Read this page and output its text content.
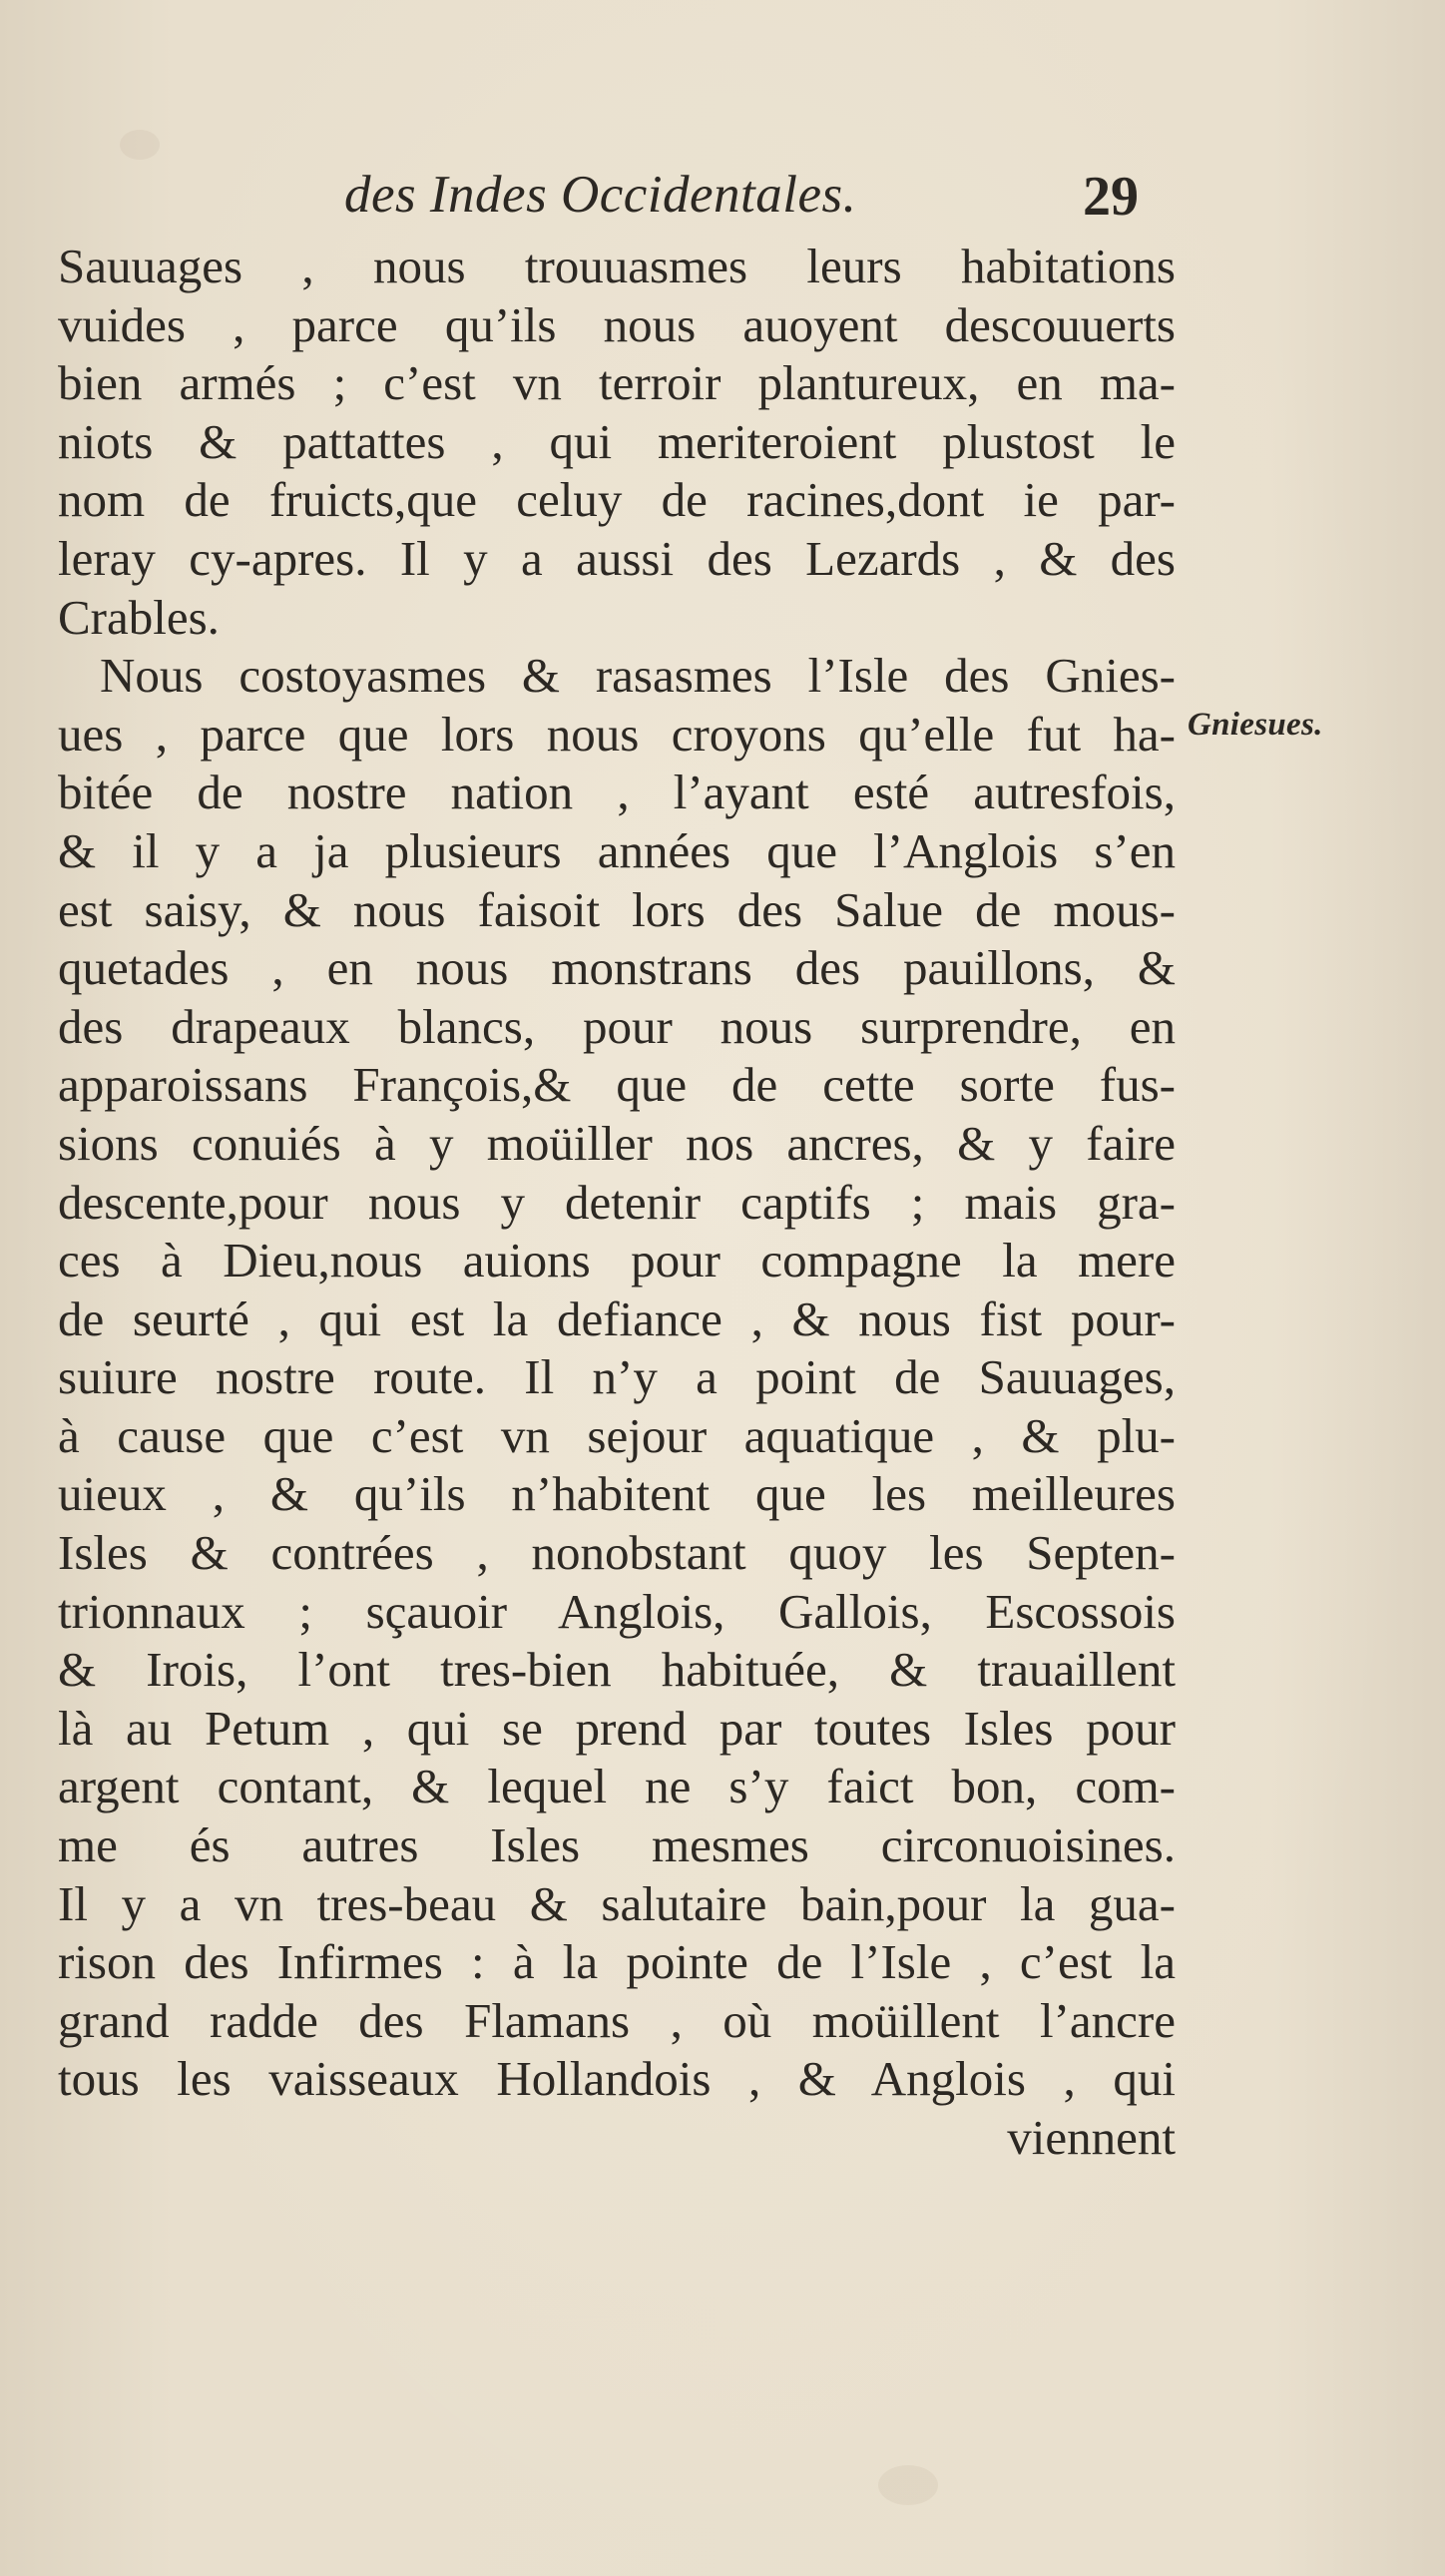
des Indes Occidentales.	29
Gniesues.
Sauuages , nous trouuasmes leurs habitations
vuides , parce qu’ils nous auoyent descouuerts
bien armés ; c’est vn terroir plantureux, en ma-
niots & pattattes , qui meriteroient plustost le
nom de fruicts,que celuy de racines,dont ie par-
leray cy-apres. Il y a aussi des Lezards , & des
Crables.
Nous costoyasmes & rasasmes l’Isle des Gnies-
ues , parce que lors nous croyons qu’elle fut ha-
bitée de nostre nation , l’ayant esté autresfois,
& il y a ja plusieurs années que l’Anglois s’en
est saisy, & nous faisoit lors des Salue de mous-
quetades , en nous monstrans des pauillons, &
des drapeaux blancs, pour nous surprendre, en
apparoissans François,& que de cette sorte fus-
sions conuiés à y moüiller nos ancres, & y faire
descente,pour nous y detenir captifs ; mais gra-
ces à Dieu,nous auions pour compagne la mere
de seurté , qui est la defiance , & nous fist pour-
suiure nostre route. Il n’y a point de Sauuages,
à cause que c’est vn sejour aquatique , & plu-
uieux , & qu’ils n’habitent que les meilleures
Isles & contrées , nonobstant quoy les Septen-
trionnaux ; sçauoir Anglois, Gallois, Escossois
& Irois, l’ont tres-bien habituée, & trauaillent
là au Petum , qui se prend par toutes Isles pour
argent contant, & lequel ne s’y faict bon, com-
me és autres Isles mesmes circonuoisines.
Il y a vn tres-beau & salutaire bain,pour la gua-
rison des Infirmes : à la pointe de l’Isle , c’est la
grand radde des Flamans , où moüillent l’ancre
tous les vaisseaux Hollandois , & Anglois , qui
viennent
